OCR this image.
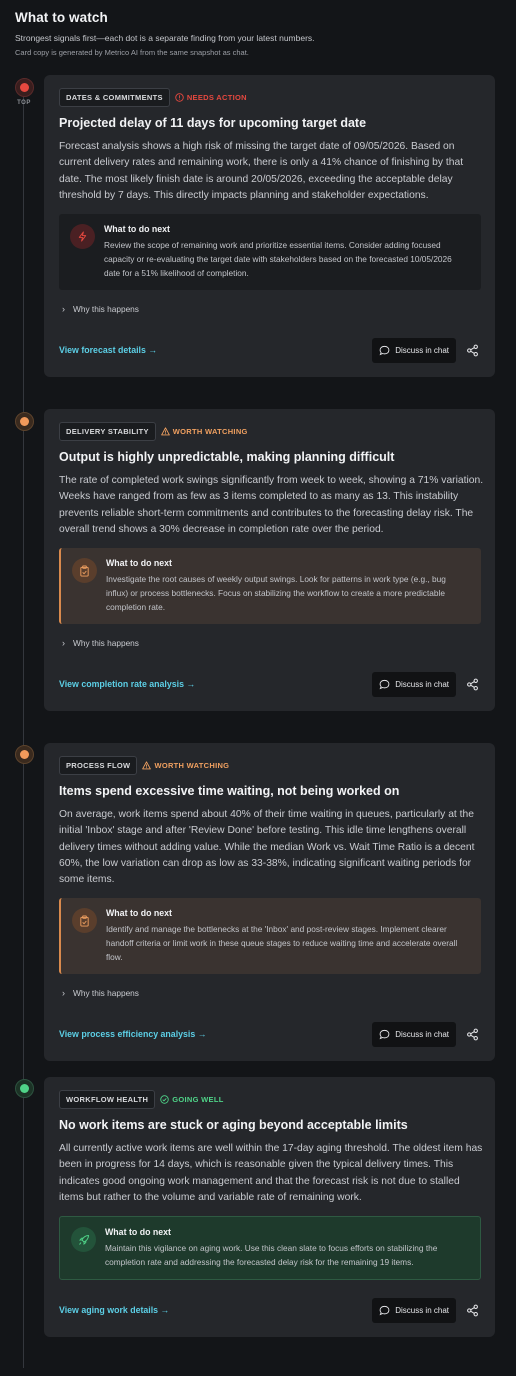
What to watch
Strongest signals first—each dot is a separate finding from your latest numbers.
Card copy is generated by Metrico AI from the same snapshot as chat.
TOP
DATES & COMMITMENTS	NEEDS ACTION
Projected delay of 11 days for upcoming target date
Forecast analysis shows a high risk of missing the target date of 09/05/2026. Based on current delivery rates and remaining work, there is only a 41% chance of finishing by that date. The most likely finish date is around 20/05/2026, exceeding the acceptable delay threshold by 7 days. This directly impacts planning and stakeholder expectations.
What to do next
Review the scope of remaining work and prioritize essential items. Consider adding focused capacity or re-evaluating the target date with stakeholders based on the forecasted 10/05/2026 date for a 51% likelihood of completion.
› Why this happens
View forecast details →	Discuss in chat
DELIVERY STABILITY	WORTH WATCHING
Output is highly unpredictable, making planning difficult
The rate of completed work swings significantly from week to week, showing a 71% variation. Weeks have ranged from as few as 3 items completed to as many as 13. This instability prevents reliable short-term commitments and contributes to the forecasting delay risk. The overall trend shows a 30% decrease in completion rate over the period.
What to do next
Investigate the root causes of weekly output swings. Look for patterns in work type (e.g., bug influx) or process bottlenecks. Focus on stabilizing the workflow to create a more predictable completion rate.
› Why this happens
View completion rate analysis →	Discuss in chat
PROCESS FLOW	WORTH WATCHING
Items spend excessive time waiting, not being worked on
On average, work items spend about 40% of their time waiting in queues, particularly at the initial 'Inbox' stage and after 'Review Done' before testing. This idle time lengthens overall delivery times without adding value. While the median Work vs. Wait Time Ratio is a decent 60%, the low variation can drop as low as 33-38%, indicating significant waiting periods for some items.
What to do next
Identify and manage the bottlenecks at the 'Inbox' and post-review stages. Implement clearer handoff criteria or limit work in these queue stages to reduce waiting time and accelerate overall flow.
› Why this happens
View process efficiency analysis →	Discuss in chat
WORKFLOW HEALTH	GOING WELL
No work items are stuck or aging beyond acceptable limits
All currently active work items are well within the 17-day aging threshold. The oldest item has been in progress for 14 days, which is reasonable given the typical delivery times. This indicates good ongoing work management and that the forecast risk is not due to stalled items but rather to the volume and variable rate of remaining work.
What to do next
Maintain this vigilance on aging work. Use this clean slate to focus efforts on stabilizing the completion rate and addressing the forecasted delay risk for the remaining 19 items.
View aging work details →	Discuss in chat
